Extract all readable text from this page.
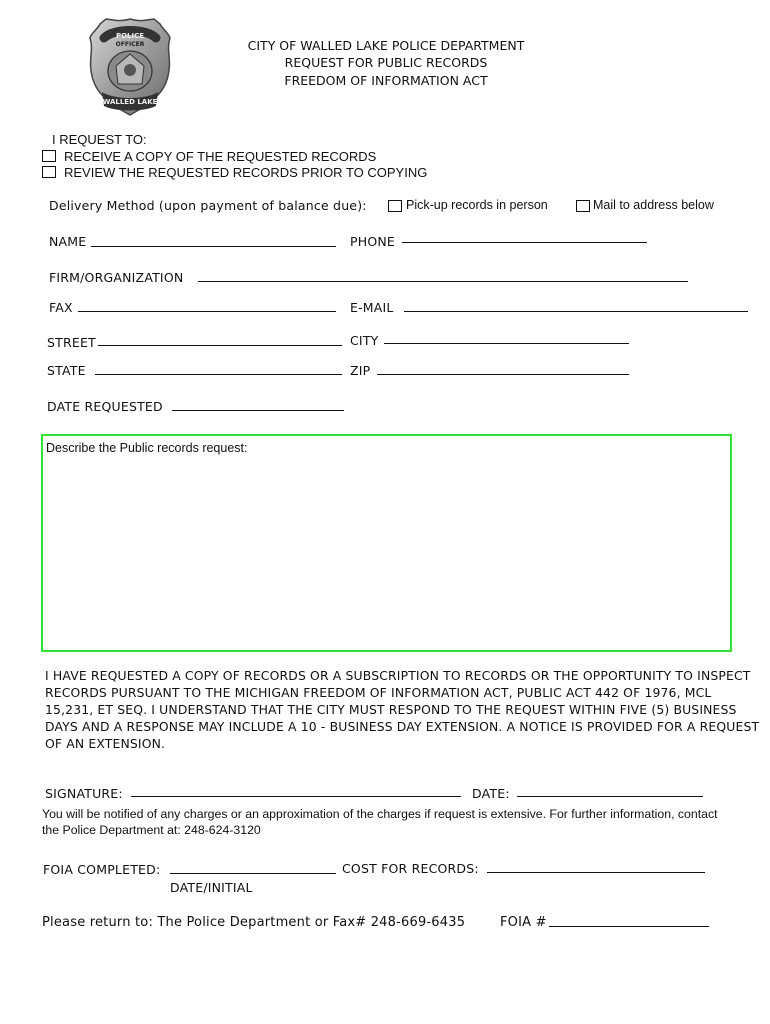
POLICE
OFFICER
WALLED LAKE
CITY OF WALLED LAKE POLICE DEPARTMENT
REQUEST FOR PUBLIC RECORDS
FREEDOM OF INFORMATION ACT
I REQUEST TO:
RECEIVE A COPY OF THE REQUESTED RECORDS
REVIEW THE REQUESTED RECORDS PRIOR TO COPYING
Delivery Method (upon payment of balance due):	Pick-up records in person	Mail to address below
NAME	PHONE
FIRM/ORGANIZATION
FAX	E-MAIL
STREET	CITY
STATE	ZIP
DATE REQUESTED
Describe the Public records request:
I HAVE REQUESTED A COPY OF RECORDS OR A SUBSCRIPTION TO RECORDS OR THE OPPORTUNITY TO INSPECT RECORDS PURSUANT TO THE MICHIGAN FREEDOM OF INFORMATION ACT, PUBLIC ACT 442 OF 1976, MCL 15,231, ET SEQ. I UNDERSTAND THAT THE CITY MUST RESPOND TO THE REQUEST WITHIN FIVE (5) BUSINESS DAYS AND A RESPONSE MAY INCLUDE A 10 - BUSINESS DAY EXTENSION. A NOTICE IS PROVIDED FOR A REQUEST OF AN EXTENSION.
SIGNATURE:	DATE:
You will be notified of any charges or an approximation of the charges if request is extensive. For further information, contact the Police Department at: 248-624-3120
FOIA COMPLETED:	COST FOR RECORDS:
DATE/INITIAL
Please return to: The Police Department or Fax# 248-669-6435	FOIA #
